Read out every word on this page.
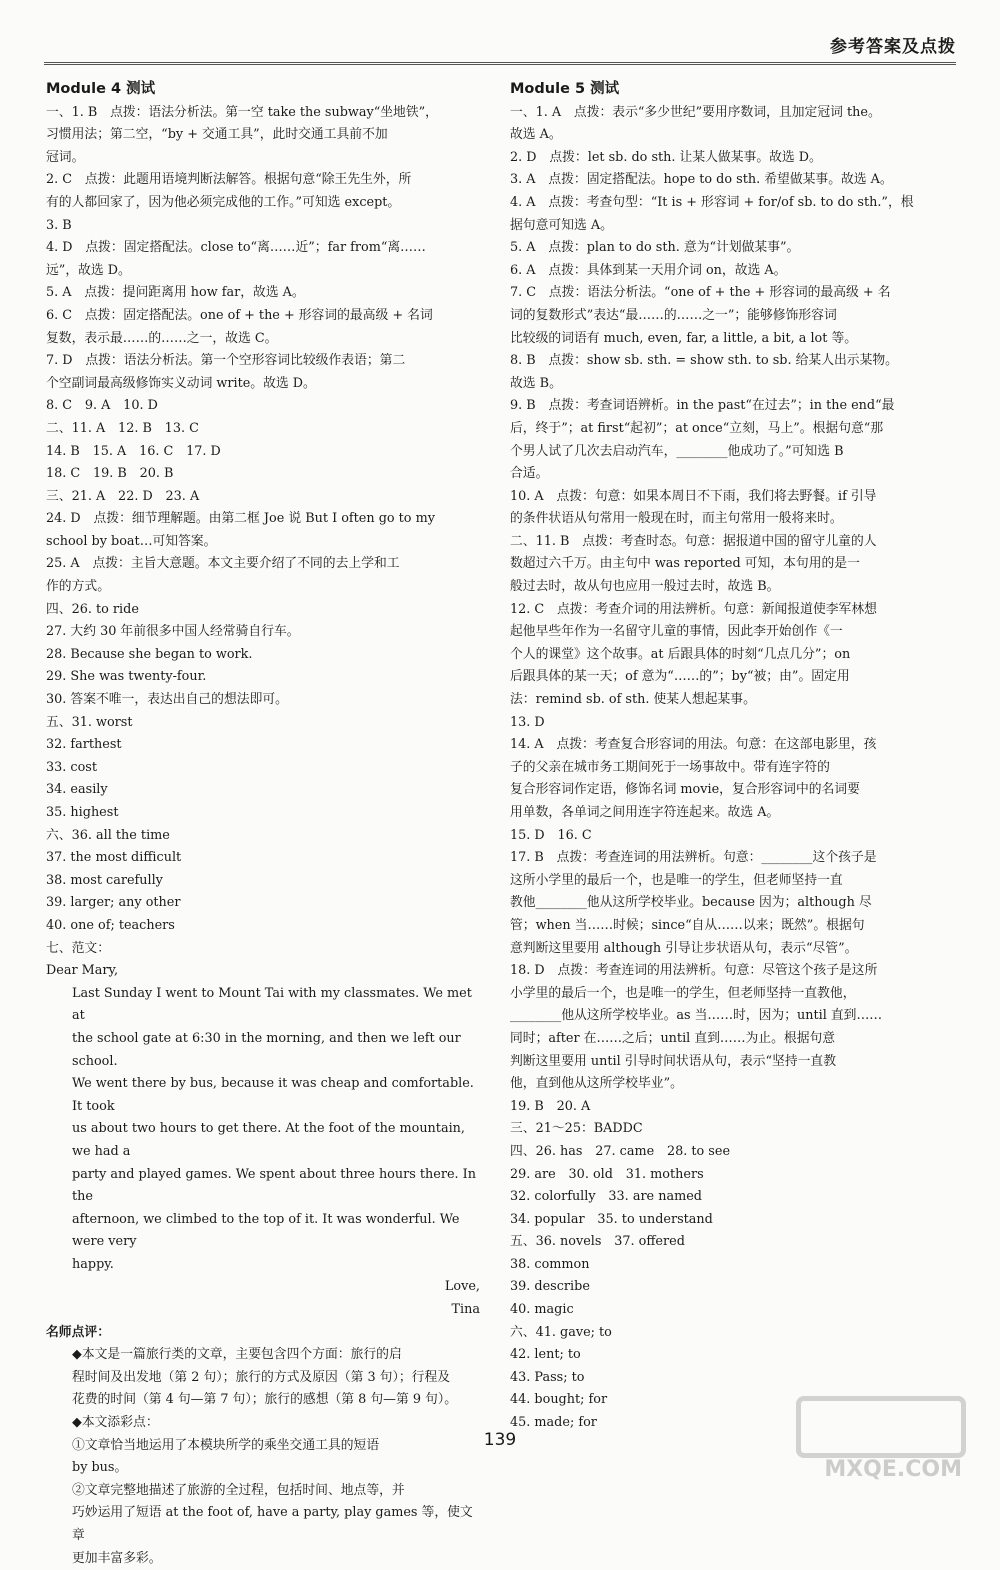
参考答案及点拨
Module 4 测试
一、1. B　点拨：语法分析法。第一空 take the subway“坐地铁”，
习惯用法；第二空，“by + 交通工具”，此时交通工具前不加
冠词。
2. C　点拨：此题用语境判断法解答。根据句意“除王先生外，所
有的人都回家了，因为他必须完成他的工作。”可知选 except。
3. B
4. D　点拨：固定搭配法。close to“离……近”；far from“离……
远”，故选 D。
5. A　点拨：提问距离用 how far，故选 A。
6. C　点拨：固定搭配法。one of + the + 形容词的最高级 + 名词
复数，表示最……的……之一，故选 C。
7. D　点拨：语法分析法。第一个空形容词比较级作表语；第二
个空副词最高级修饰实义动词 write。故选 D。
8. C　9. A　10. D
二、11. A　12. B　13. C
14. B　15. A　16. C　17. D
18. C　19. B　20. B
三、21. A　22. D　23. A
24. D　点拨：细节理解题。由第二框 Joe 说 But I often go to my
school by boat…可知答案。
25. A　点拨：主旨大意题。本文主要介绍了不同的去上学和工
作的方式。
四、26. to ride
27. 大约 30 年前很多中国人经常骑自行车。
28. Because she began to work.
29. She was twenty-four.
30. 答案不唯一，表达出自己的想法即可。
五、31. worst
32. farthest
33. cost
34. easily
35. highest
六、36. all the time
37. the most difficult
38. most carefully
39. larger; any other
40. one of; teachers
七、范文：
Dear Mary,
Last Sunday I went to Mount Tai with my classmates. We met at
the school gate at 6:30 in the morning, and then we left our school.
We went there by bus, because it was cheap and comfortable. It took
us about two hours to get there. At the foot of the mountain, we had a
party and played games. We spent about three hours there. In the
afternoon, we climbed to the top of it. It was wonderful. We were very
happy.
Love,
Tina
名师点评：
◆本文是一篇旅行类的文章，主要包含四个方面：旅行的启
程时间及出发地（第 2 句）；旅行的方式及原因（第 3 句）；行程及
花费的时间（第 4 句—第 7 句）；旅行的感想（第 8 句—第 9 句）。
◆本文添彩点：
①文章恰当地运用了本模块所学的乘坐交通工具的短语
by bus。
②文章完整地描述了旅游的全过程，包括时间、地点等，并
巧妙运用了短语 at the foot of, have a party, play games 等，使文章
更加丰富多彩。
Module 5 测试
一、1. A　点拨：表示“多少世纪”要用序数词，且加定冠词 the。
故选 A。
2. D　点拨：let sb. do sth. 让某人做某事。故选 D。
3. A　点拨：固定搭配法。hope to do sth. 希望做某事。故选 A。
4. A　点拨：考查句型：“It is + 形容词 + for/of sb. to do sth.”，根
据句意可知选 A。
5. A　点拨：plan to do sth. 意为“计划做某事”。
6. A　点拨：具体到某一天用介词 on，故选 A。
7. C　点拨：语法分析法。“one of + the + 形容词的最高级 + 名
词的复数形式”表达“最……的……之一”；能够修饰形容词
比较级的词语有 much, even, far, a little, a bit, a lot 等。
8. B　点拨：show sb. sth. = show sth. to sb. 给某人出示某物。
故选 B。
9. B　点拨：考查词语辨析。in the past“在过去”；in the end“最
后，终于”；at first“起初”；at once“立刻，马上”。根据句意“那
个男人试了几次去启动汽车，________他成功了。”可知选 B
合适。
10. A　点拨：句意：如果本周日不下雨，我们将去野餐。if 引导
的条件状语从句常用一般现在时，而主句常用一般将来时。
二、11. B　点拨：考查时态。句意：据报道中国的留守儿童的人
数超过六千万。由主句中 was reported 可知，本句用的是一
般过去时，故从句也应用一般过去时，故选 B。
12. C　点拨：考查介词的用法辨析。句意：新闻报道使李军林想
起他早些年作为一名留守儿童的事情，因此李开始创作《一
个人的课堂》这个故事。at 后跟具体的时刻“几点几分”；on
后跟具体的某一天；of 意为“……的”；by“被；由”。固定用
法：remind sb. of sth. 使某人想起某事。
13. D
14. A　点拨：考查复合形容词的用法。句意：在这部电影里，孩
子的父亲在城市务工期间死于一场事故中。带有连字符的
复合形容词作定语，修饰名词 movie，复合形容词中的名词要
用单数，各单词之间用连字符连起来。故选 A。
15. D　16. C
17. B　点拨：考查连词的用法辨析。句意：________这个孩子是
这所小学里的最后一个，也是唯一的学生，但老师坚持一直
教他________他从这所学校毕业。because 因为；although 尽
管；when 当……时候；since“自从……以来；既然”。根据句
意判断这里要用 although 引导让步状语从句，表示“尽管”。
18. D　点拨：考查连词的用法辨析。句意：尽管这个孩子是这所
小学里的最后一个，也是唯一的学生，但老师坚持一直教他，
________他从这所学校毕业。as 当……时，因为；until 直到……
同时；after 在……之后；until 直到……为止。根据句意
判断这里要用 until 引导时间状语从句，表示“坚持一直教
他，直到他从这所学校毕业”。
19. B　20. A
三、21～25：BADDC
四、26. has　27. came　28. to see
29. are　30. old　31. mothers
32. colorfully　33. are named
34. popular　35. to understand
五、36. novels　37. offered
38. common
39. describe
40. magic
六、41. gave; to
42. lent; to
43. Pass; to
44. bought; for
45. made; for
139
MXQE.COM
